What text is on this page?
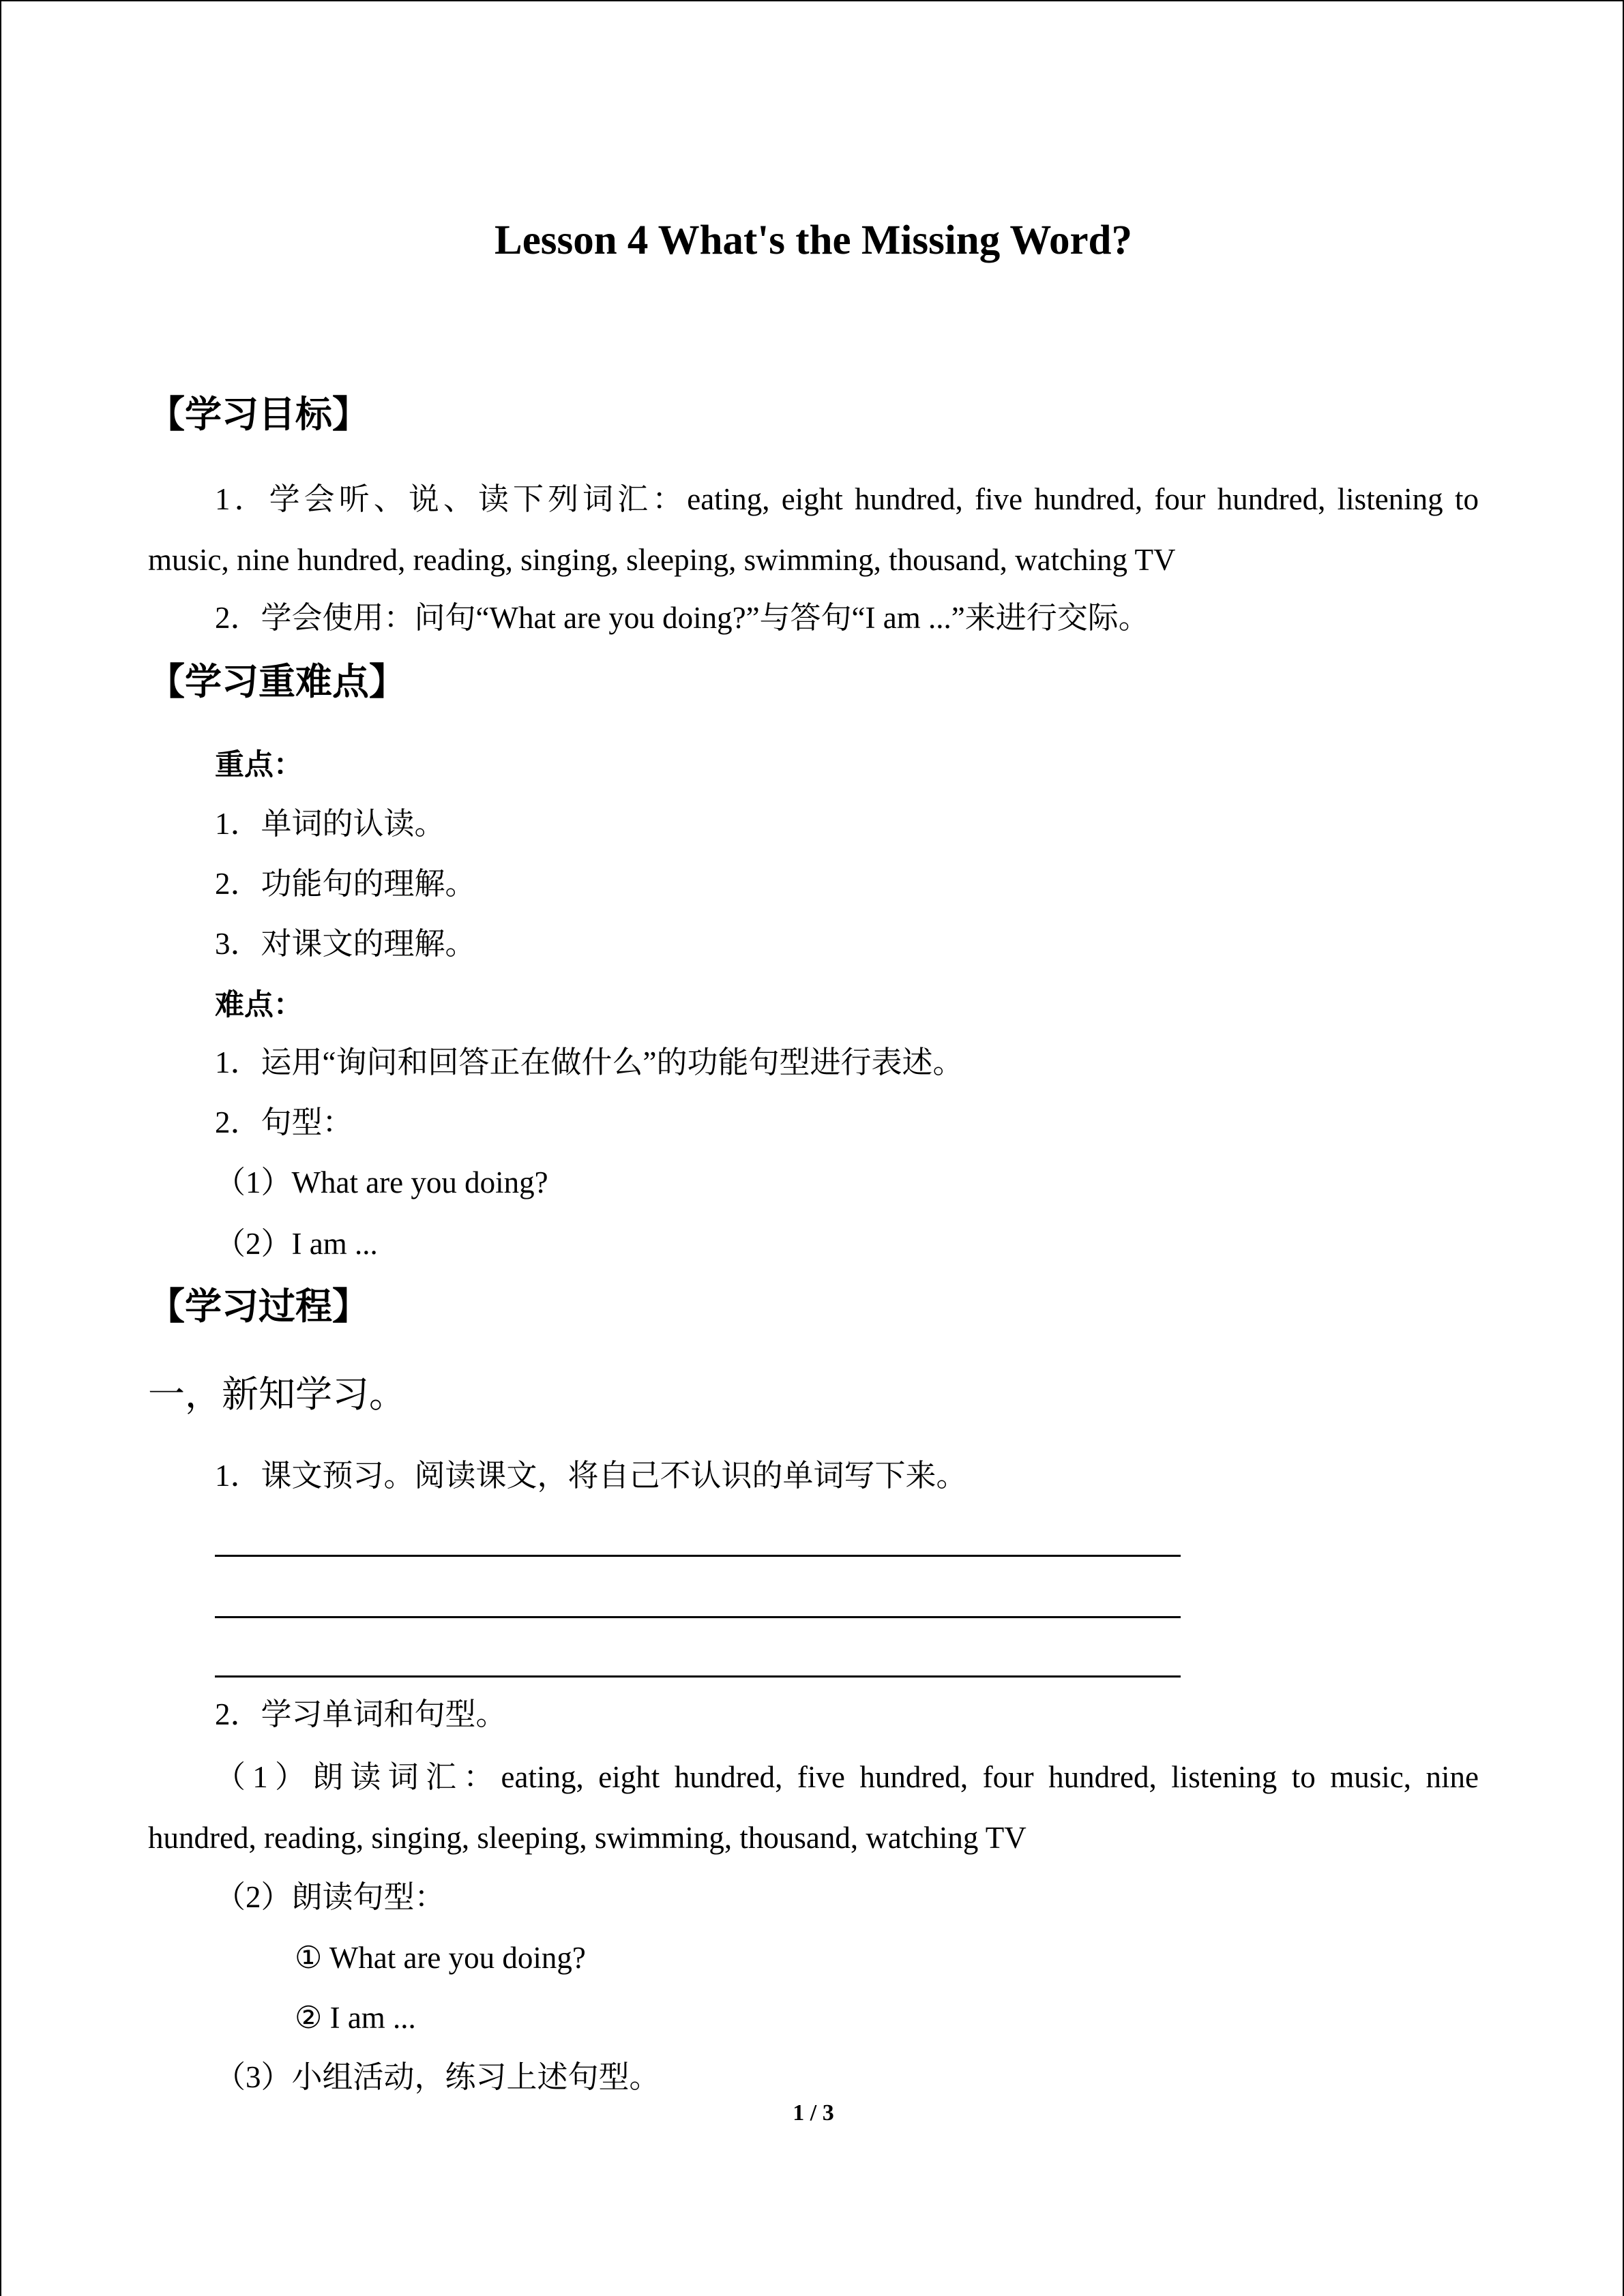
Lesson 4 What's the Missing Word?
【学习目标】
1．学会听、说、读下列词汇：eating, eight hundred, five hundred, four hundred, listening to
music, nine hundred, reading, singing, sleeping, swimming, thousand, watching TV
2．学会使用：问句“What are you doing?”与答句“I am ...”来进行交际。
【学习重难点】
重点：
1．单词的认读。
2．功能句的理解。
3．对课文的理解。
难点：
1．运用“询问和回答正在做什么”的功能句型进行表述。
2．句型：
（1）What are you doing?
（2）I am ...
【学习过程】
一，新知学习。
1．课文预习。阅读课文，将自己不认识的单词写下来。
2．学习单词和句型。
（1）朗读词汇：eating, eight hundred, five hundred, four hundred, listening to music, nine
hundred, reading, singing, sleeping, swimming, thousand, watching TV
（2）朗读句型：
① What are you doing?
② I am ...
（3）小组活动，练习上述句型。
1 / 3
